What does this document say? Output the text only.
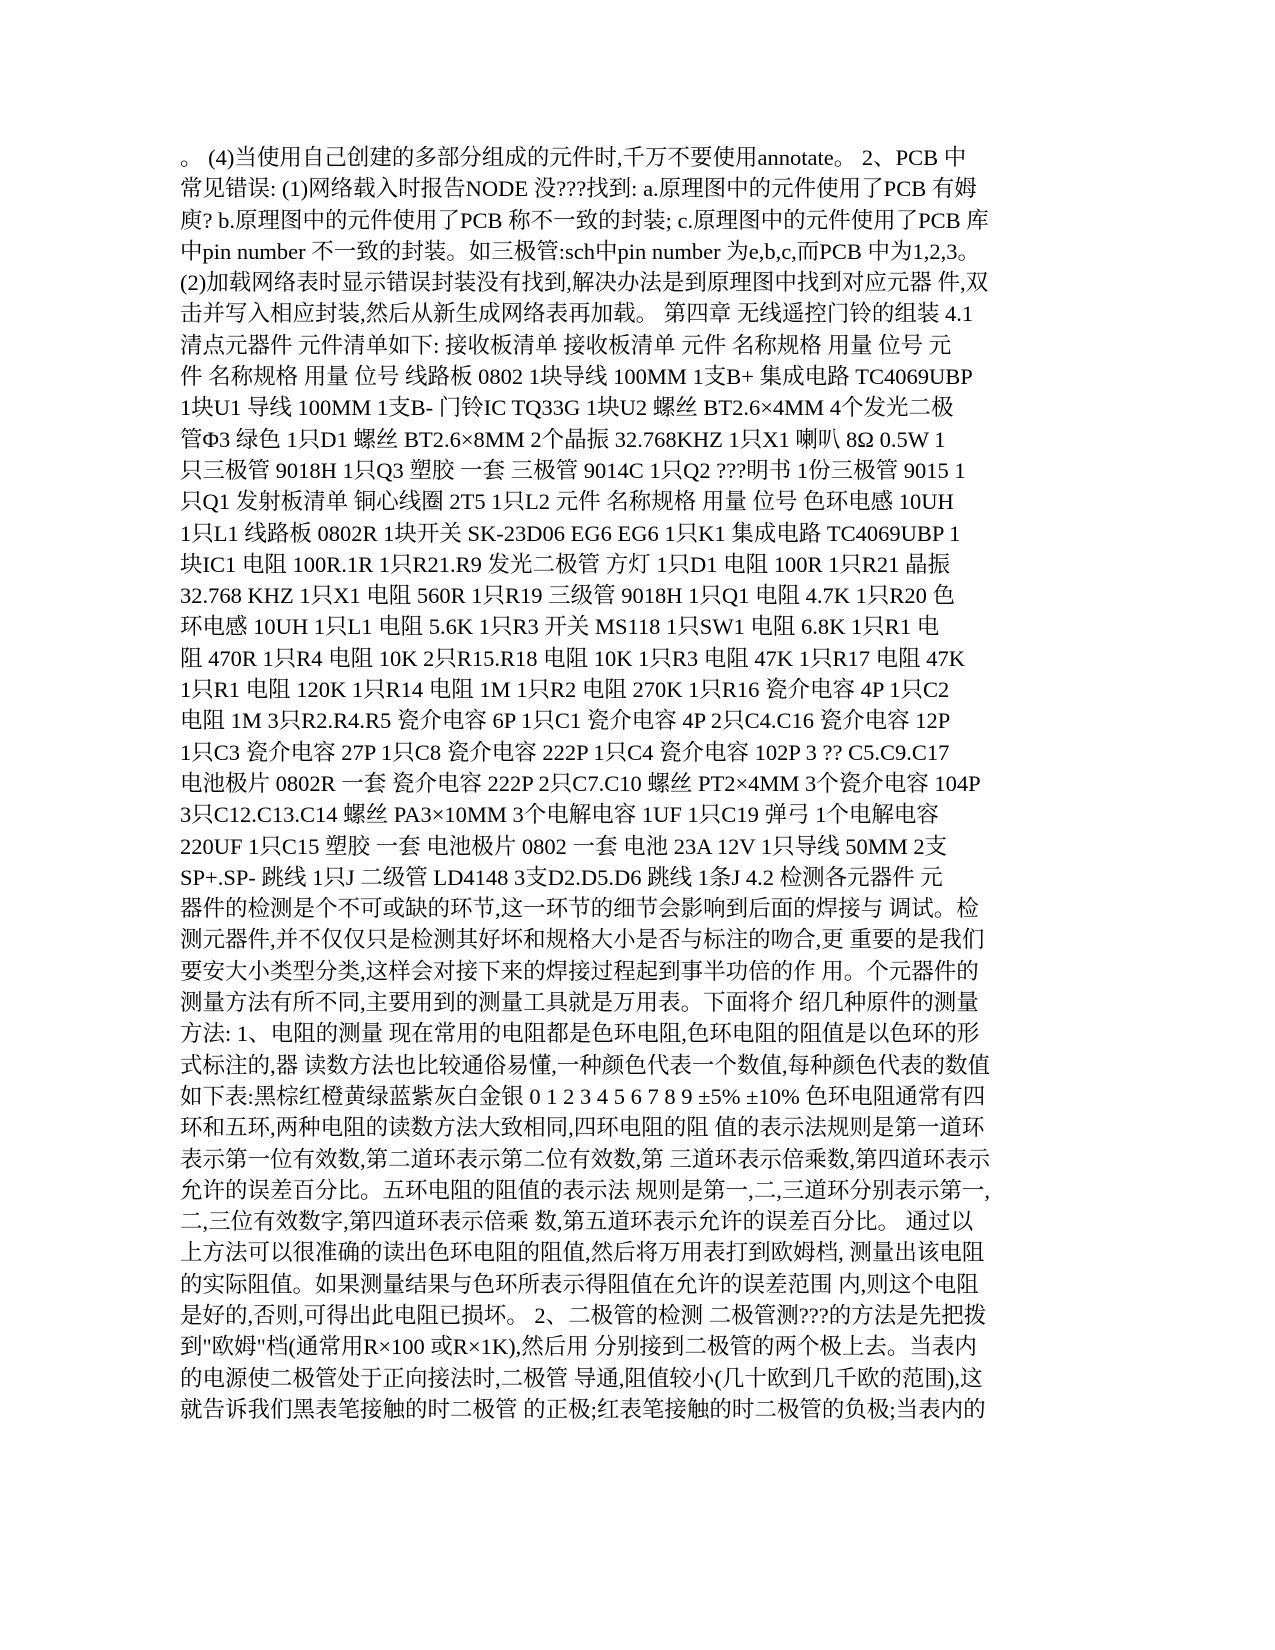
。 (4)当使用自己创建的多部分组成的元件时,千万不要使用annotate。 2、PCB 中
常见错误: (1)网络载入时报告NODE 没???找到: a.原理图中的元件使用了PCB 有姆
庾? b.原理图中的元件使用了PCB 称不一致的封装; c.原理图中的元件使用了PCB 库
中pin number 不一致的封装。如三极管:sch中pin number 为e,b,c,而PCB 中为1,2,3。
(2)加载网络表时显示错误封装没有找到,解决办法是到原理图中找到对应元器 件,双
击并写入相应封装,然后从新生成网络表再加载。 第四章 无线遥控门铃的组装 4.1
清点元器件 元件清单如下: 接收板清单 接收板清单 元件 名称规格 用量 位号 元
件 名称规格 用量 位号 线路板 0802 1块导线 100MM 1支B+ 集成电路 TC4069UBP
1块U1 导线 100MM 1支B- 门铃IC TQ33G 1块U2 螺丝 BT2.6×4MM 4个发光二极
管Φ3 绿色 1只D1 螺丝 BT2.6×8MM 2个晶振 32.768KHZ 1只X1 喇叭 8Ω 0.5W 1
只三极管 9018H 1只Q3 塑胶 一套 三极管 9014C 1只Q2 ???明书 1份三极管 9015 1
只Q1 发射板清单 铜心线圈 2T5 1只L2 元件 名称规格 用量 位号 色环电感 10UH
1只L1 线路板 0802R 1块开关 SK-23D06 EG6 EG6 1只K1 集成电路 TC4069UBP 1
块IC1 电阻 100R.1R 1只R21.R9 发光二极管 方灯 1只D1 电阻 100R 1只R21 晶振
32.768 KHZ 1只X1 电阻 560R 1只R19 三级管 9018H 1只Q1 电阻 4.7K 1只R20 色
环电感 10UH 1只L1 电阻 5.6K 1只R3 开关 MS118 1只SW1 电阻 6.8K 1只R1 电
阻 470R 1只R4 电阻 10K 2只R15.R18 电阻 10K 1只R3 电阻 47K 1只R17 电阻 47K
1只R1 电阻 120K 1只R14 电阻 1M 1只R2 电阻 270K 1只R16 瓷介电容 4P 1只C2
电阻 1M 3只R2.R4.R5 瓷介电容 6P 1只C1 瓷介电容 4P 2只C4.C16 瓷介电容 12P
1只C3 瓷介电容 27P 1只C8 瓷介电容 222P 1只C4 瓷介电容 102P 3 ?? C5.C9.C17
电池极片 0802R 一套 瓷介电容 222P 2只C7.C10 螺丝 PT2×4MM 3个瓷介电容 104P
3只C12.C13.C14 螺丝 PA3×10MM 3个电解电容 1UF 1只C19 弹弓 1个电解电容
220UF 1只C15 塑胶 一套 电池极片 0802 一套 电池 23A 12V 1只导线 50MM 2支
SP+.SP- 跳线 1只J 二级管 LD4148 3支D2.D5.D6 跳线 1条J 4.2 检测各元器件 元
器件的检测是个不可或缺的环节,这一环节的细节会影响到后面的焊接与 调试。检
测元器件,并不仅仅只是检测其好坏和规格大小是否与标注的吻合,更 重要的是我们
要安大小类型分类,这样会对接下来的焊接过程起到事半功倍的作 用。个元器件的
测量方法有所不同,主要用到的测量工具就是万用表。下面将介 绍几种原件的测量
方法: 1、电阻的测量 现在常用的电阻都是色环电阻,色环电阻的阻值是以色环的形
式标注的,器 读数方法也比较通俗易懂,一种颜色代表一个数值,每种颜色代表的数值
如下表:黑棕红橙黄绿蓝紫灰白金银 0 1 2 3 4 5 6 7 8 9 ±5% ±10% 色环电阻通常有四
环和五环,两种电阻的读数方法大致相同,四环电阻的阻 值的表示法规则是第一道环
表示第一位有效数,第二道环表示第二位有效数,第 三道环表示倍乘数,第四道环表示
允许的误差百分比。五环电阻的阻值的表示法 规则是第一,二,三道环分别表示第一,
二,三位有效数字,第四道环表示倍乘 数,第五道环表示允许的误差百分比。 通过以
上方法可以很准确的读出色环电阻的阻值,然后将万用表打到欧姆档, 测量出该电阻
的实际阻值。如果测量结果与色环所表示得阻值在允许的误差范围 内,则这个电阻
是好的,否则,可得出此电阻已损坏。 2、二极管的检测 二极管测???的方法是先把拨
到"欧姆"档(通常用R×100 或R×1K),然后用 分别接到二极管的两个极上去。当表内
的电源使二极管处于正向接法时,二极管 导通,阻值较小(几十欧到几千欧的范围),这
就告诉我们黑表笔接触的时二极管 的正极;红表笔接触的时二极管的负极;当表内的
